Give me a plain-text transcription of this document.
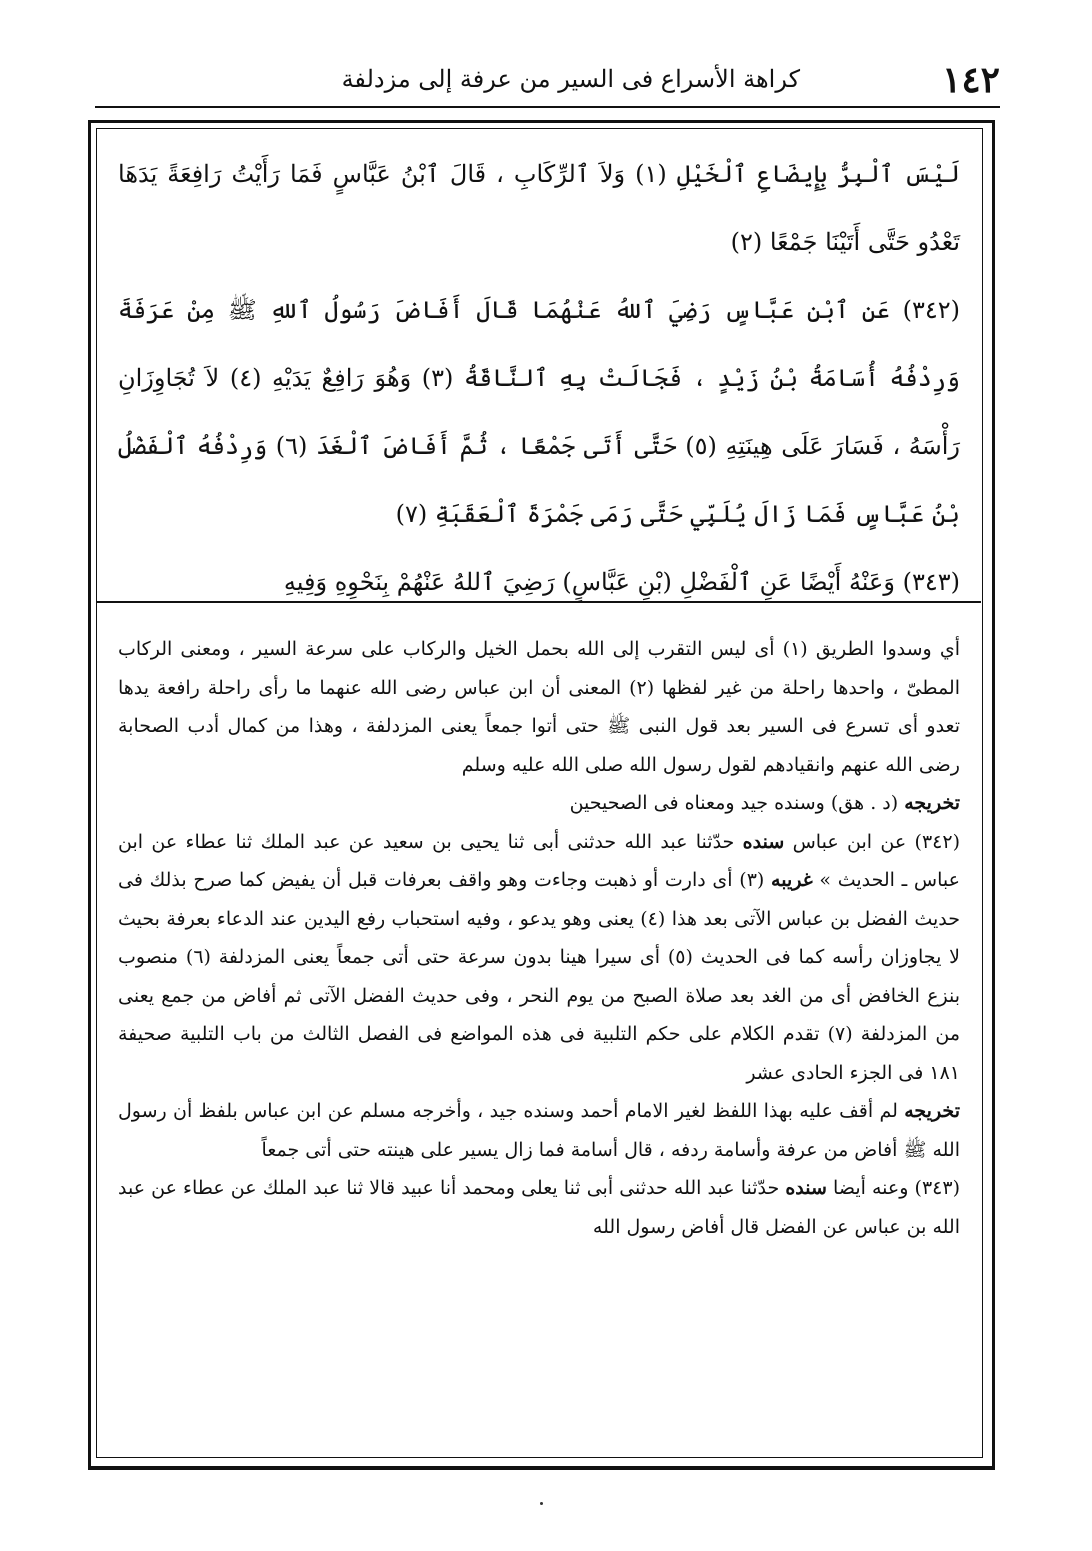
١٤٢
كراهة الأسراع فى السير من عرفة إلى مزدلفة

لَيْسَ ٱلْبِرُّ بِإِيضَاعِ ٱلْخَيْلِ (١) وَلاَ ٱلرِّكَابِ ، قَالَ ٱبْنُ عَبَّاسٍ فَمَا رَأَيْتُ رَافِعَةً يَدَهَا تَعْدُو حَتَّى أَتَيْنَا جَمْعًا (٢)

(٣٤٢) عَنِ ٱبْنِ عَبَّاسٍ رَضِيَ ٱللهُ عَنْهُمَا قَالَ أَفَاضَ رَسُولُ ٱللهِ ﷺ مِنْ عَرَفَةَ وَرِدْفُهُ أُسَامَةُ بْنُ زَيْدٍ ، فَجَالَتْ بِهِ ٱلنَّاقَةُ (٣) وَهُوَ رَافِعٌ يَدَيْهِ (٤) لاَ تُجَاوِزَانِ رَأْسَهُ ، فَسَارَ عَلَى هِينَتِهِ (٥) حَتَّى أَتَى جَمْعًا ، ثُمَّ أَفَاضَ ٱلْغَدَ (٦) وَرِدْفُهُ ٱلْفَضْلُ بْنُ عَبَّاسٍ فَمَا زَالَ يُلَبِّي حَتَّى رَمَى جَمْرَةَ ٱلْعَقَبَةِ (٧)

(٣٤٣) وَعَنْهُ أَيْضًا عَنِ ٱلْفَضْلِ (بْنِ عَبَّاسٍ) رَضِيَ ٱللهُ عَنْهُمْ بِنَحْوِهِ وَفِيهِ

أي وسدوا الطريق (١) أى ليس التقرب إلى الله بحمل الخيل والركاب على سرعة السير ، ومعنى الركاب المطىّ ، واحدها راحلة من غير لفظها (٢) المعنى أن ابن عباس رضى الله عنهما ما رأى راحلة رافعة يدها تعدو أى تسرع فى السير بعد قول النبى ﷺ حتى أتوا جمعاً يعنى المزدلفة ، وهذا من كمال أدب الصحابة رضى الله عنهم وانقيادهم لقول رسول الله صلى الله عليه وسلم

تخريجه (د . هق) وسنده جيد ومعناه فى الصحيحين

(٣٤٢) عن ابن عباس سنده حدّثنا عبد الله حدثنى أبى ثنا يحيى بن سعيد عن عبد الملك ثنا عطاء عن ابن عباس ـ الحديث » غريبه (٣) أى دارت أو ذهبت وجاءت وهو واقف بعرفات قبل أن يفيض كما صرح بذلك فى حديث الفضل بن عباس الآتى بعد هذا (٤) يعنى وهو يدعو ، وفيه استحباب رفع اليدين عند الدعاء بعرفة بحيث لا يجاوزان رأسه كما فى الحديث (٥) أى سيرا هينا بدون سرعة حتى أتى جمعاً يعنى المزدلفة (٦) منصوب بنزع الخافض أى من الغد بعد صلاة الصبح من يوم النحر ، وفى حديث الفضل الآتى ثم أفاض من جمع يعنى من المزدلفة (٧) تقدم الكلام على حكم التلبية فى هذه المواضع فى الفصل الثالث من باب التلبية صحيفة ١٨١ فى الجزء الحادى عشر

تخريجه لم أقف عليه بهذا اللفظ لغير الامام أحمد وسنده جيد ، وأخرجه مسلم عن ابن عباس بلفظ أن رسول الله ﷺ أفاض من عرفة وأسامة ردفه ، قال أسامة فما زال يسير على هينته حتى أتى جمعاً

(٣٤٣) وعنه أيضا سنده حدّثنا عبد الله حدثنى أبى ثنا يعلى ومحمد أنا عبيد قالا ثنا عبد الملك عن عطاء عن عبد الله بن عباس عن الفضل قال أفاض رسول الله
